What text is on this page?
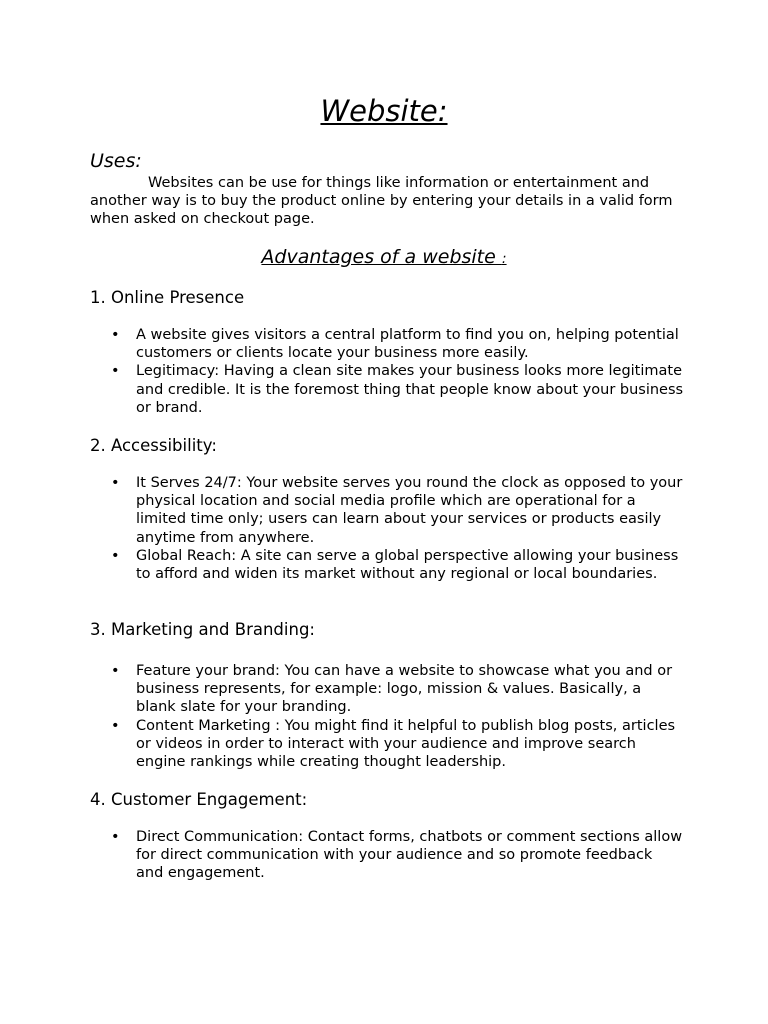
Website:
Uses:

Websites can be use for things like information or entertainment and another way is to buy the product online by entering your details in a valid form when asked on checkout page.

Advantages of a website :
1. Online Presence
• A website gives visitors a central platform to find you on, helping potential customers or clients locate your business more easily.
• Legitimacy: Having a clean site makes your business looks more legitimate and credible. It is the foremost thing that people know about your business or brand.
2. Accessibility:
• It Serves 24/7: Your website serves you round the clock as opposed to your physical location and social media profile which are operational for a limited time only; users can learn about your services or products easily anytime from anywhere.
• Global Reach: A site can serve a global perspective allowing your business to afford and widen its market without any regional or local boundaries.
3. Marketing and Branding:
• Feature your brand: You can have a website to showcase what you and or business represents, for example: logo, mission & values. Basically, a blank slate for your branding.
• Content Marketing : You might find it helpful to publish blog posts, articles or videos in order to interact with your audience and improve search engine rankings while creating thought leadership.
4. Customer Engagement:
• Direct Communication: Contact forms, chatbots or comment sections allow for direct communication with your audience and so promote feedback and engagement.
